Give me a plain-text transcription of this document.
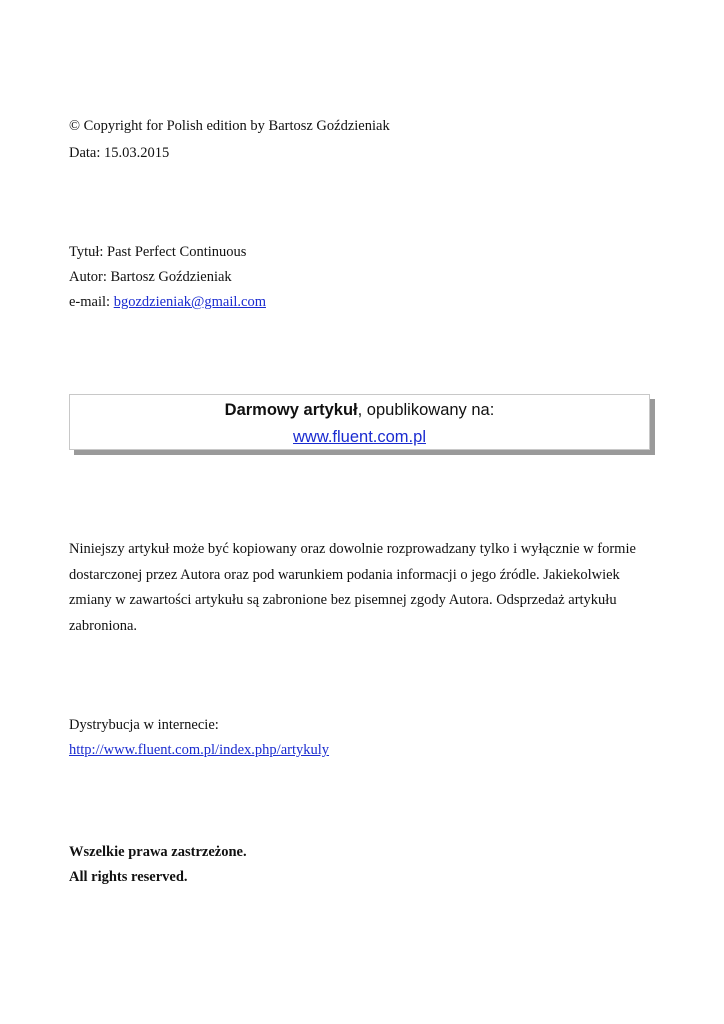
© Copyright for Polish edition by Bartosz Goździeniak
Data: 15.03.2015
Tytuł: Past Perfect Continuous
Autor: Bartosz Goździeniak
e-mail: bgozdzieniak@gmail.com
Darmowy artykuł, opublikowany na:
www.fluent.com.pl
Niniejszy artykuł może być kopiowany oraz dowolnie rozprowadzany tylko i wyłącznie w formie
dostarczonej przez Autora oraz pod warunkiem podania informacji o jego źródle. Jakiekolwiek
zmiany w zawartości artykułu są zabronione bez pisemnej zgody Autora. Odsprzedaż artykułu
zabroniona.
Dystrybucja w internecie:
http://www.fluent.com.pl/index.php/artykuly
Wszelkie prawa zastrzeżone.
All rights reserved.
